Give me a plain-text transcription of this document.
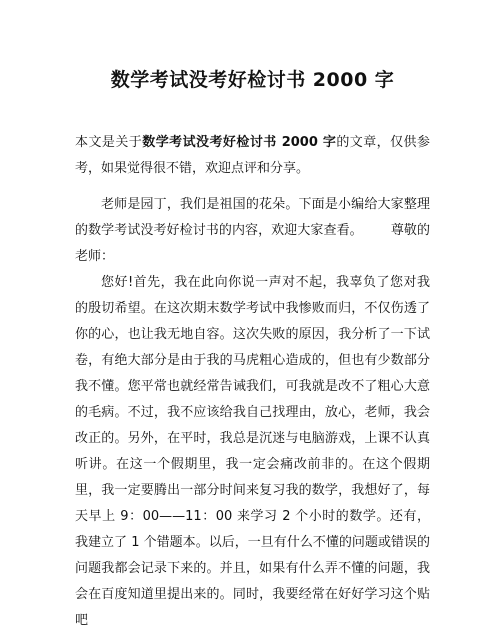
数学考试没考好检讨书 2000 字

本文是关于数学考试没考好检讨书 2000 字的文章，仅供参考，如果觉得很不错，欢迎点评和分享。

老师是园丁，我们是祖国的花朵。下面是小编给大家整理的数学考试没考好检讨书的内容，欢迎大家查看。 尊敬的老师：

您好!首先，我在此向你说一声对不起，我辜负了您对我的殷切希望。在这次期末数学考试中我惨败而归，不仅伤透了你的心，也让我无地自容。这次失败的原因，我分析了一下试卷，有绝大部分是由于我的马虎粗心造成的，但也有少数部分我不懂。您平常也就经常告诫我们，可我就是改不了粗心大意的毛病。不过，我不应该给我自己找理由，放心，老师，我会改正的。另外，在平时，我总是沉迷与电脑游戏，上课不认真听讲。在这一个假期里，我一定会痛改前非的。在这个假期里，我一定要腾出一部分时间来复习我的数学，我想好了，每天早上 9：00——11：00 来学习 2 个小时的数学。还有，我建立了 1 个错题本。以后，一旦有什么不懂的问题或错误的问题我都会记录下来的。并且，如果有什么弄不懂的问题，我会在百度知道里提出来的。同时，我要经常在好好学习这个贴吧
